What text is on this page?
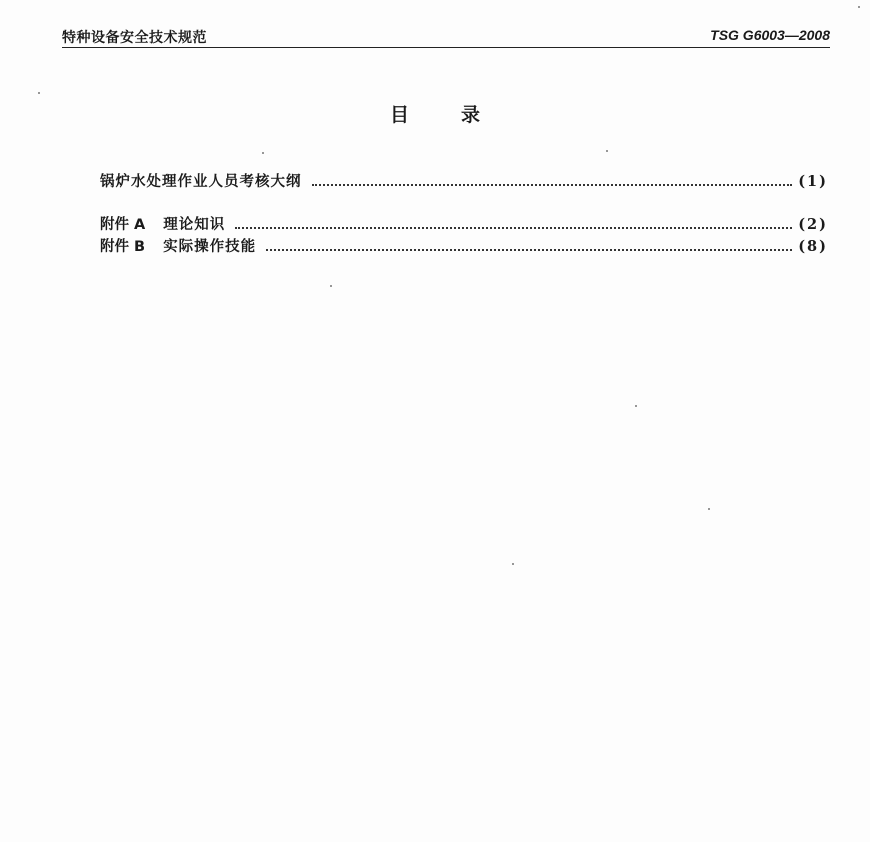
特种设备安全技术规范	TSG G6003—2008
目录
锅炉水处理作业人员考核大纲	(1)
附件 A 理论知识	(2)
附件 B 实际操作技能	(8)
